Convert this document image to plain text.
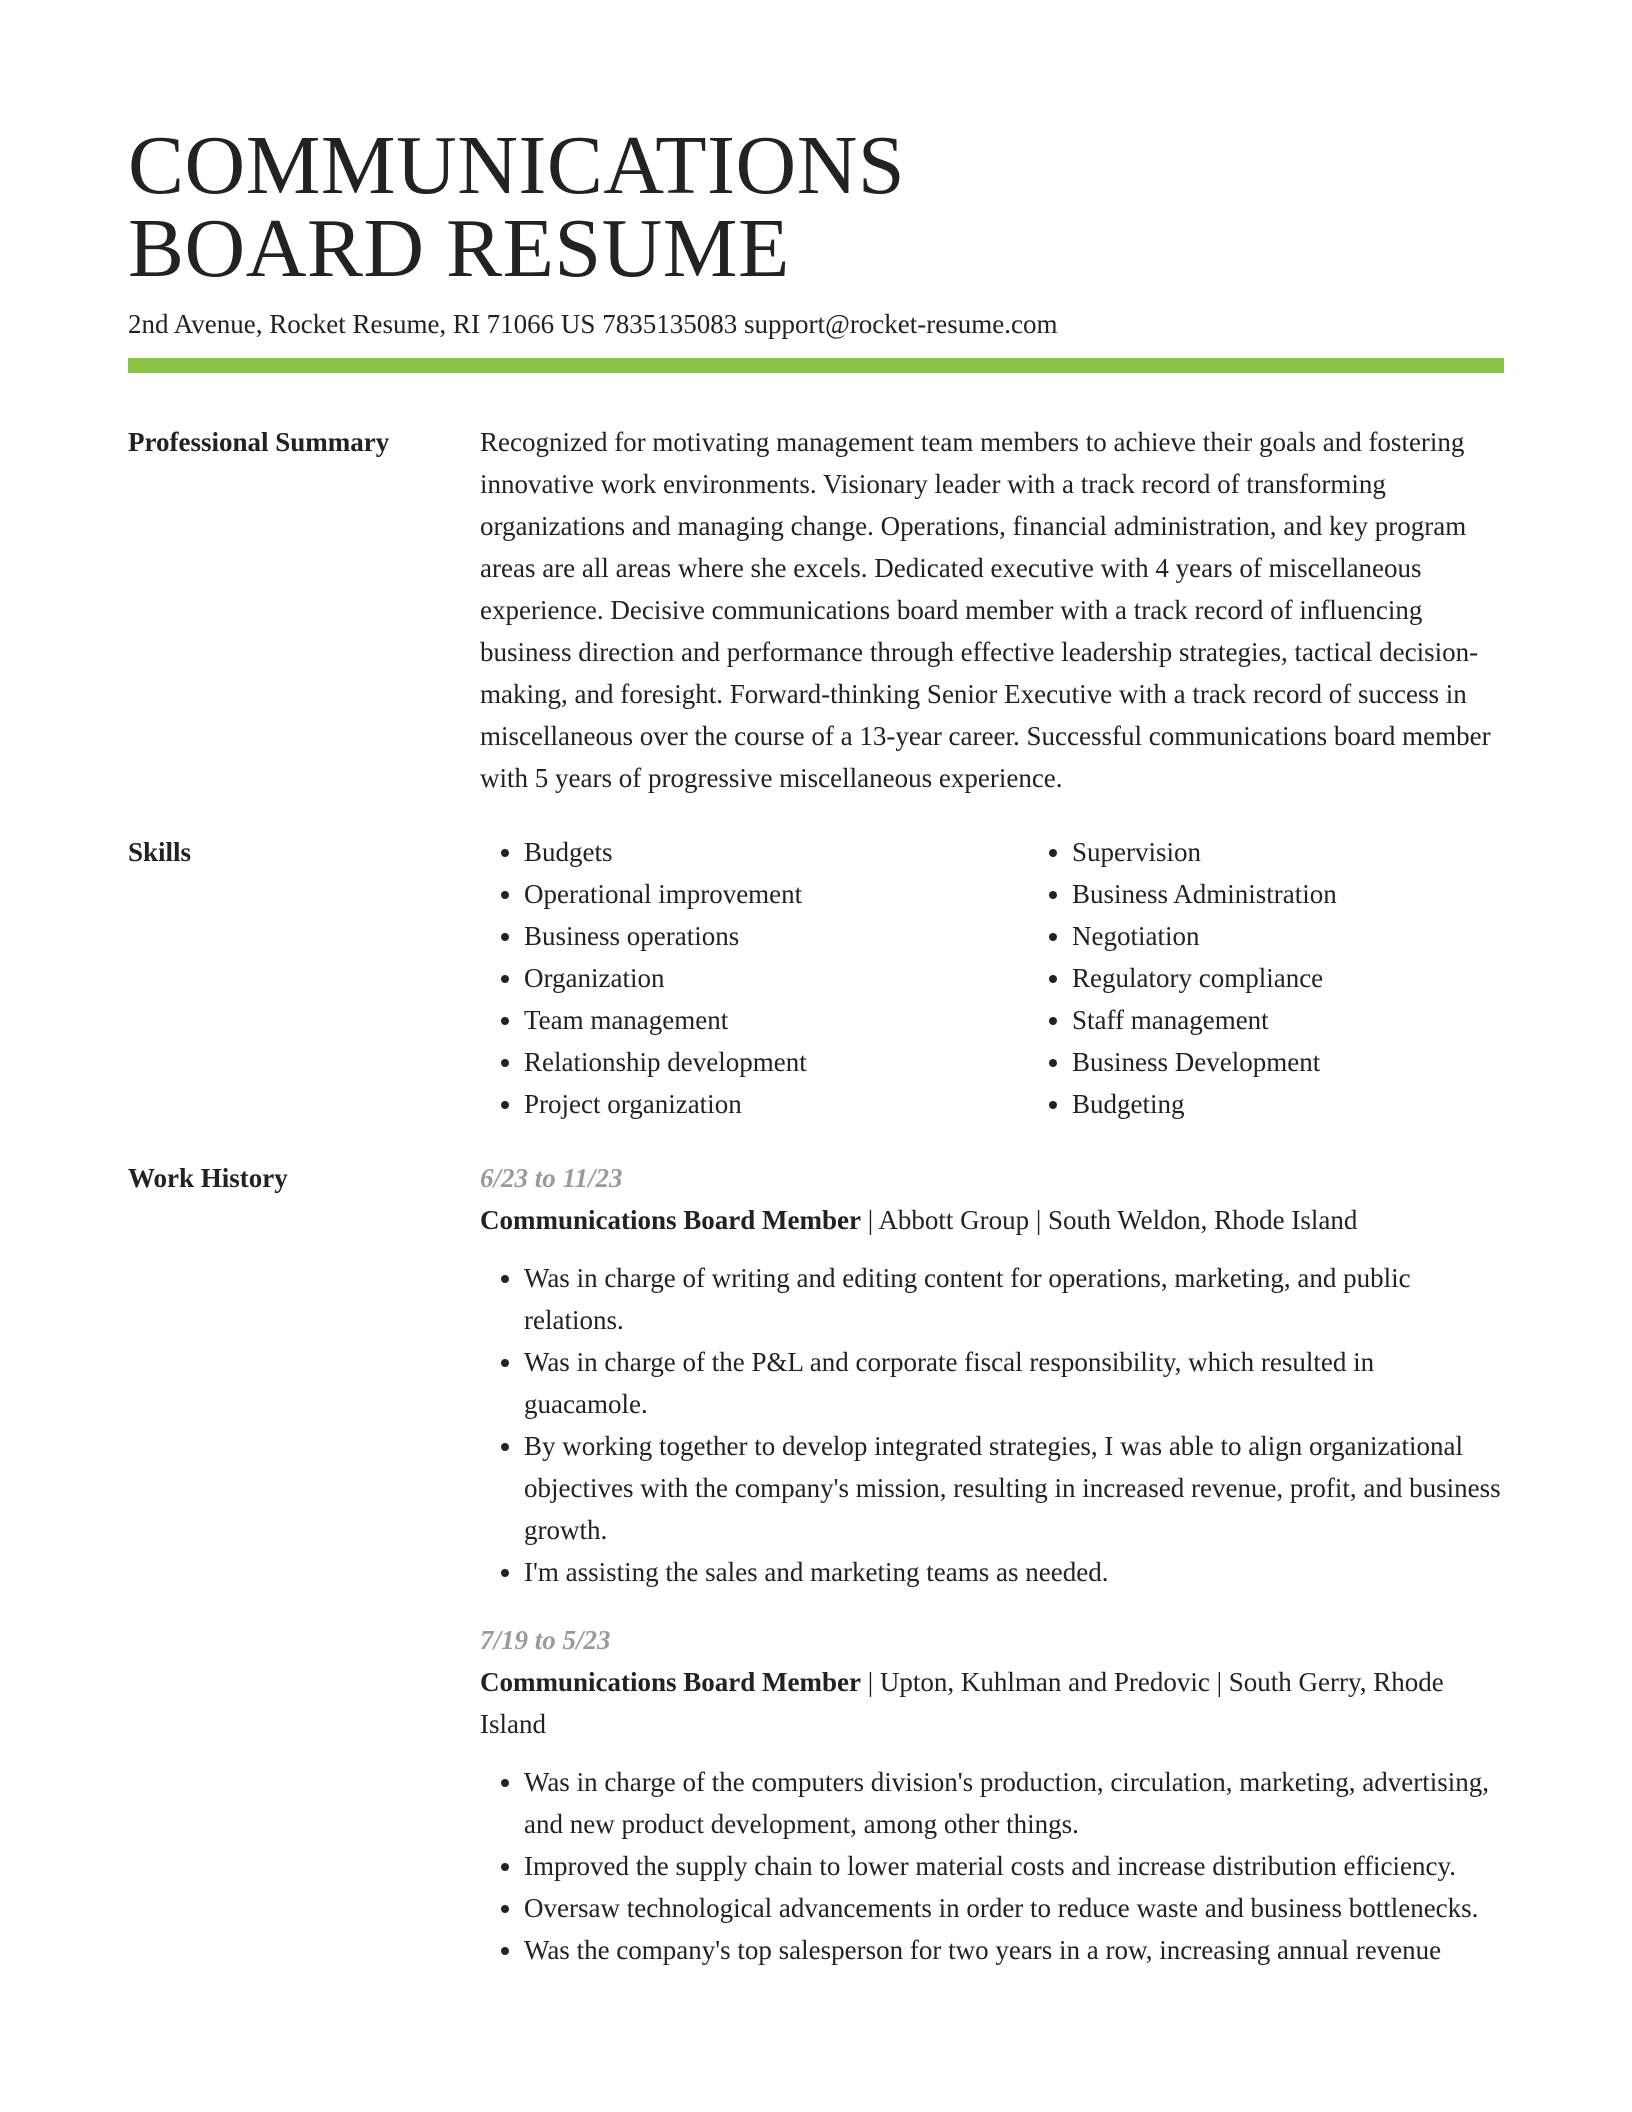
COMMUNICATIONS
BOARD RESUME
2nd Avenue, Rocket Resume, RI 71066 US 7835135083 support@rocket-resume.com
Professional Summary	Recognized for motivating management team members to achieve their goals and fostering innovative work environments. Visionary leader with a track record of transforming organizations and managing change. Operations, financial administration, and key program areas are all areas where she excels. Dedicated executive with 4 years of miscellaneous experience. Decisive communications board member with a track record of influencing business direction and performance through effective leadership strategies, tactical decision-making, and foresight. Forward-thinking Senior Executive with a track record of success in miscellaneous over the course of a 13-year career. Successful communications board member with 5 years of progressive miscellaneous experience.
Skills
•	Budgets
• Operational improvement
• Business operations
• Organization
• Team management
• Relationship development
• Project organization
• Supervision
• Business Administration
• Negotiation
• Regulatory compliance
• Staff management
• Business Development
• Budgeting
Work History	6/23 to 11/23
Communications Board Member | Abbott Group | South Weldon, Rhode Island
• Was in charge of writing and editing content for operations, marketing, and public relations.
• Was in charge of the P&L and corporate fiscal responsibility, which resulted in guacamole.
• By working together to develop integrated strategies, I was able to align organizational objectives with the company's mission, resulting in increased revenue, profit, and business growth.
• I'm assisting the sales and marketing teams as needed.
7/19 to 5/23
Communications Board Member | Upton, Kuhlman and Predovic | South Gerry, Rhode Island
• Was in charge of the computers division's production, circulation, marketing, advertising, and new product development, among other things.
• Improved the supply chain to lower material costs and increase distribution efficiency.
• Oversaw technological advancements in order to reduce waste and business bottlenecks.
• Was the company's top salesperson for two years in a row, increasing annual revenue
